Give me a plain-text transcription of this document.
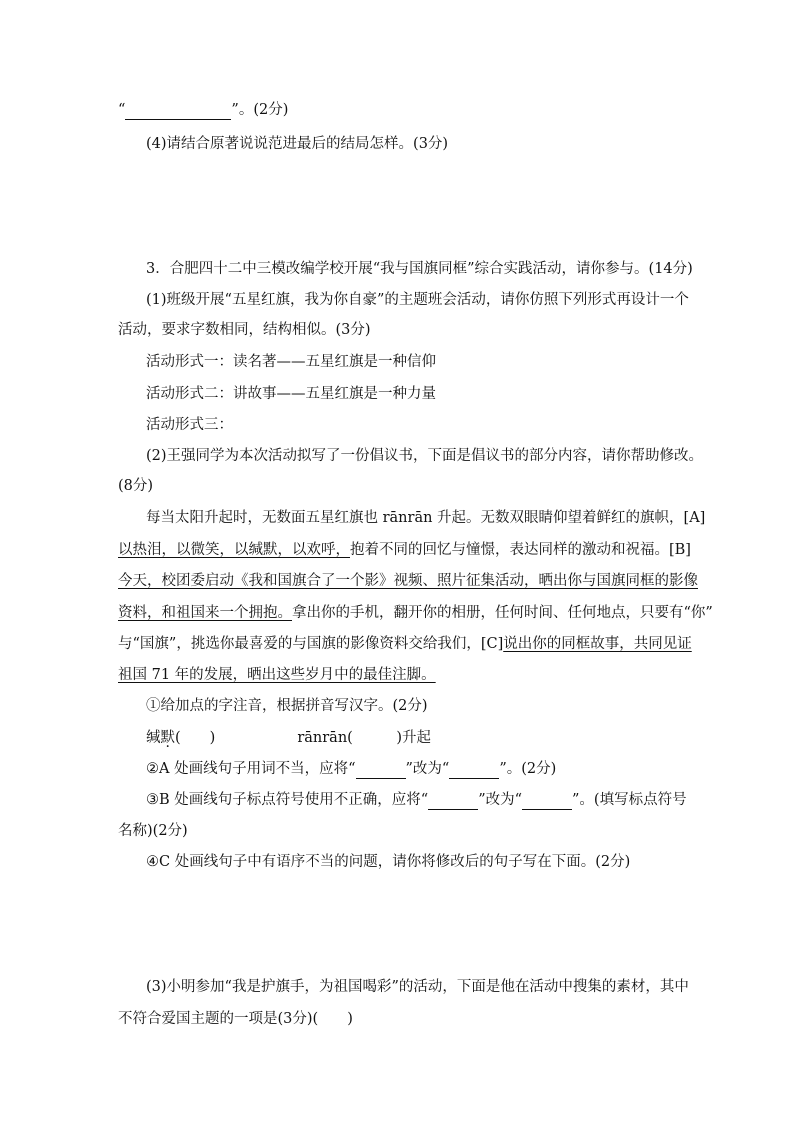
“	”。(2分)
(4)请结合原著说说范进最后的结局怎样。(3分)
3．合肥四十二中三模改编学校开展“我与国旗同框”综合实践活动，请你参与。(14分)
(1)班级开展“五星红旗，我为你自豪”的主题班会活动，请你仿照下列形式再设计一个
活动，要求字数相同，结构相似。(3分)
活动形式一：读名著——五星红旗是一种信仰
活动形式二：讲故事——五星红旗是一种力量
活动形式三：
(2)王强同学为本次活动拟写了一份倡议书，下面是倡议书的部分内容，请你帮助修改。
(8分)
每当太阳升起时，无数面五星红旗也 rānrān 升起。无数双眼睛仰望着鲜红的旗帜，[A]
以热泪，以微笑，以缄默，以欢呼，抱着不同的回忆与憧憬，表达同样的激动和祝福。[B]
今天，校团委启动《我和国旗合了一个影》视频、照片征集活动，晒出你与国旗同框的影像
资料，和祖国来一个拥抱。拿出你的手机，翻开你的相册，任何时间、任何地点，只要有“你”
与“国旗”，挑选你最喜爱的与国旗的影像资料交给我们，[C]说出你的同框故事，共同见证
祖国 71 年的发展，晒出这些岁月中的最佳注脚。
①给加点的字注音，根据拼音写汉字。(2分)
缄默(　　)	rānrān(　　　)升起
②A 处画线句子用词不当，应将“	”改为“	”。(2分)
③B 处画线句子标点符号使用不正确，应将“	”改为“	”。(填写标点符号
名称)(2分)
④C 处画线句子中有语序不当的问题，请你将修改后的句子写在下面。(2分)
(3)小明参加“我是护旗手，为祖国喝彩”的活动，下面是他在活动中搜集的素材，其中
不符合爱国主题的一项是(3分)(　　)
